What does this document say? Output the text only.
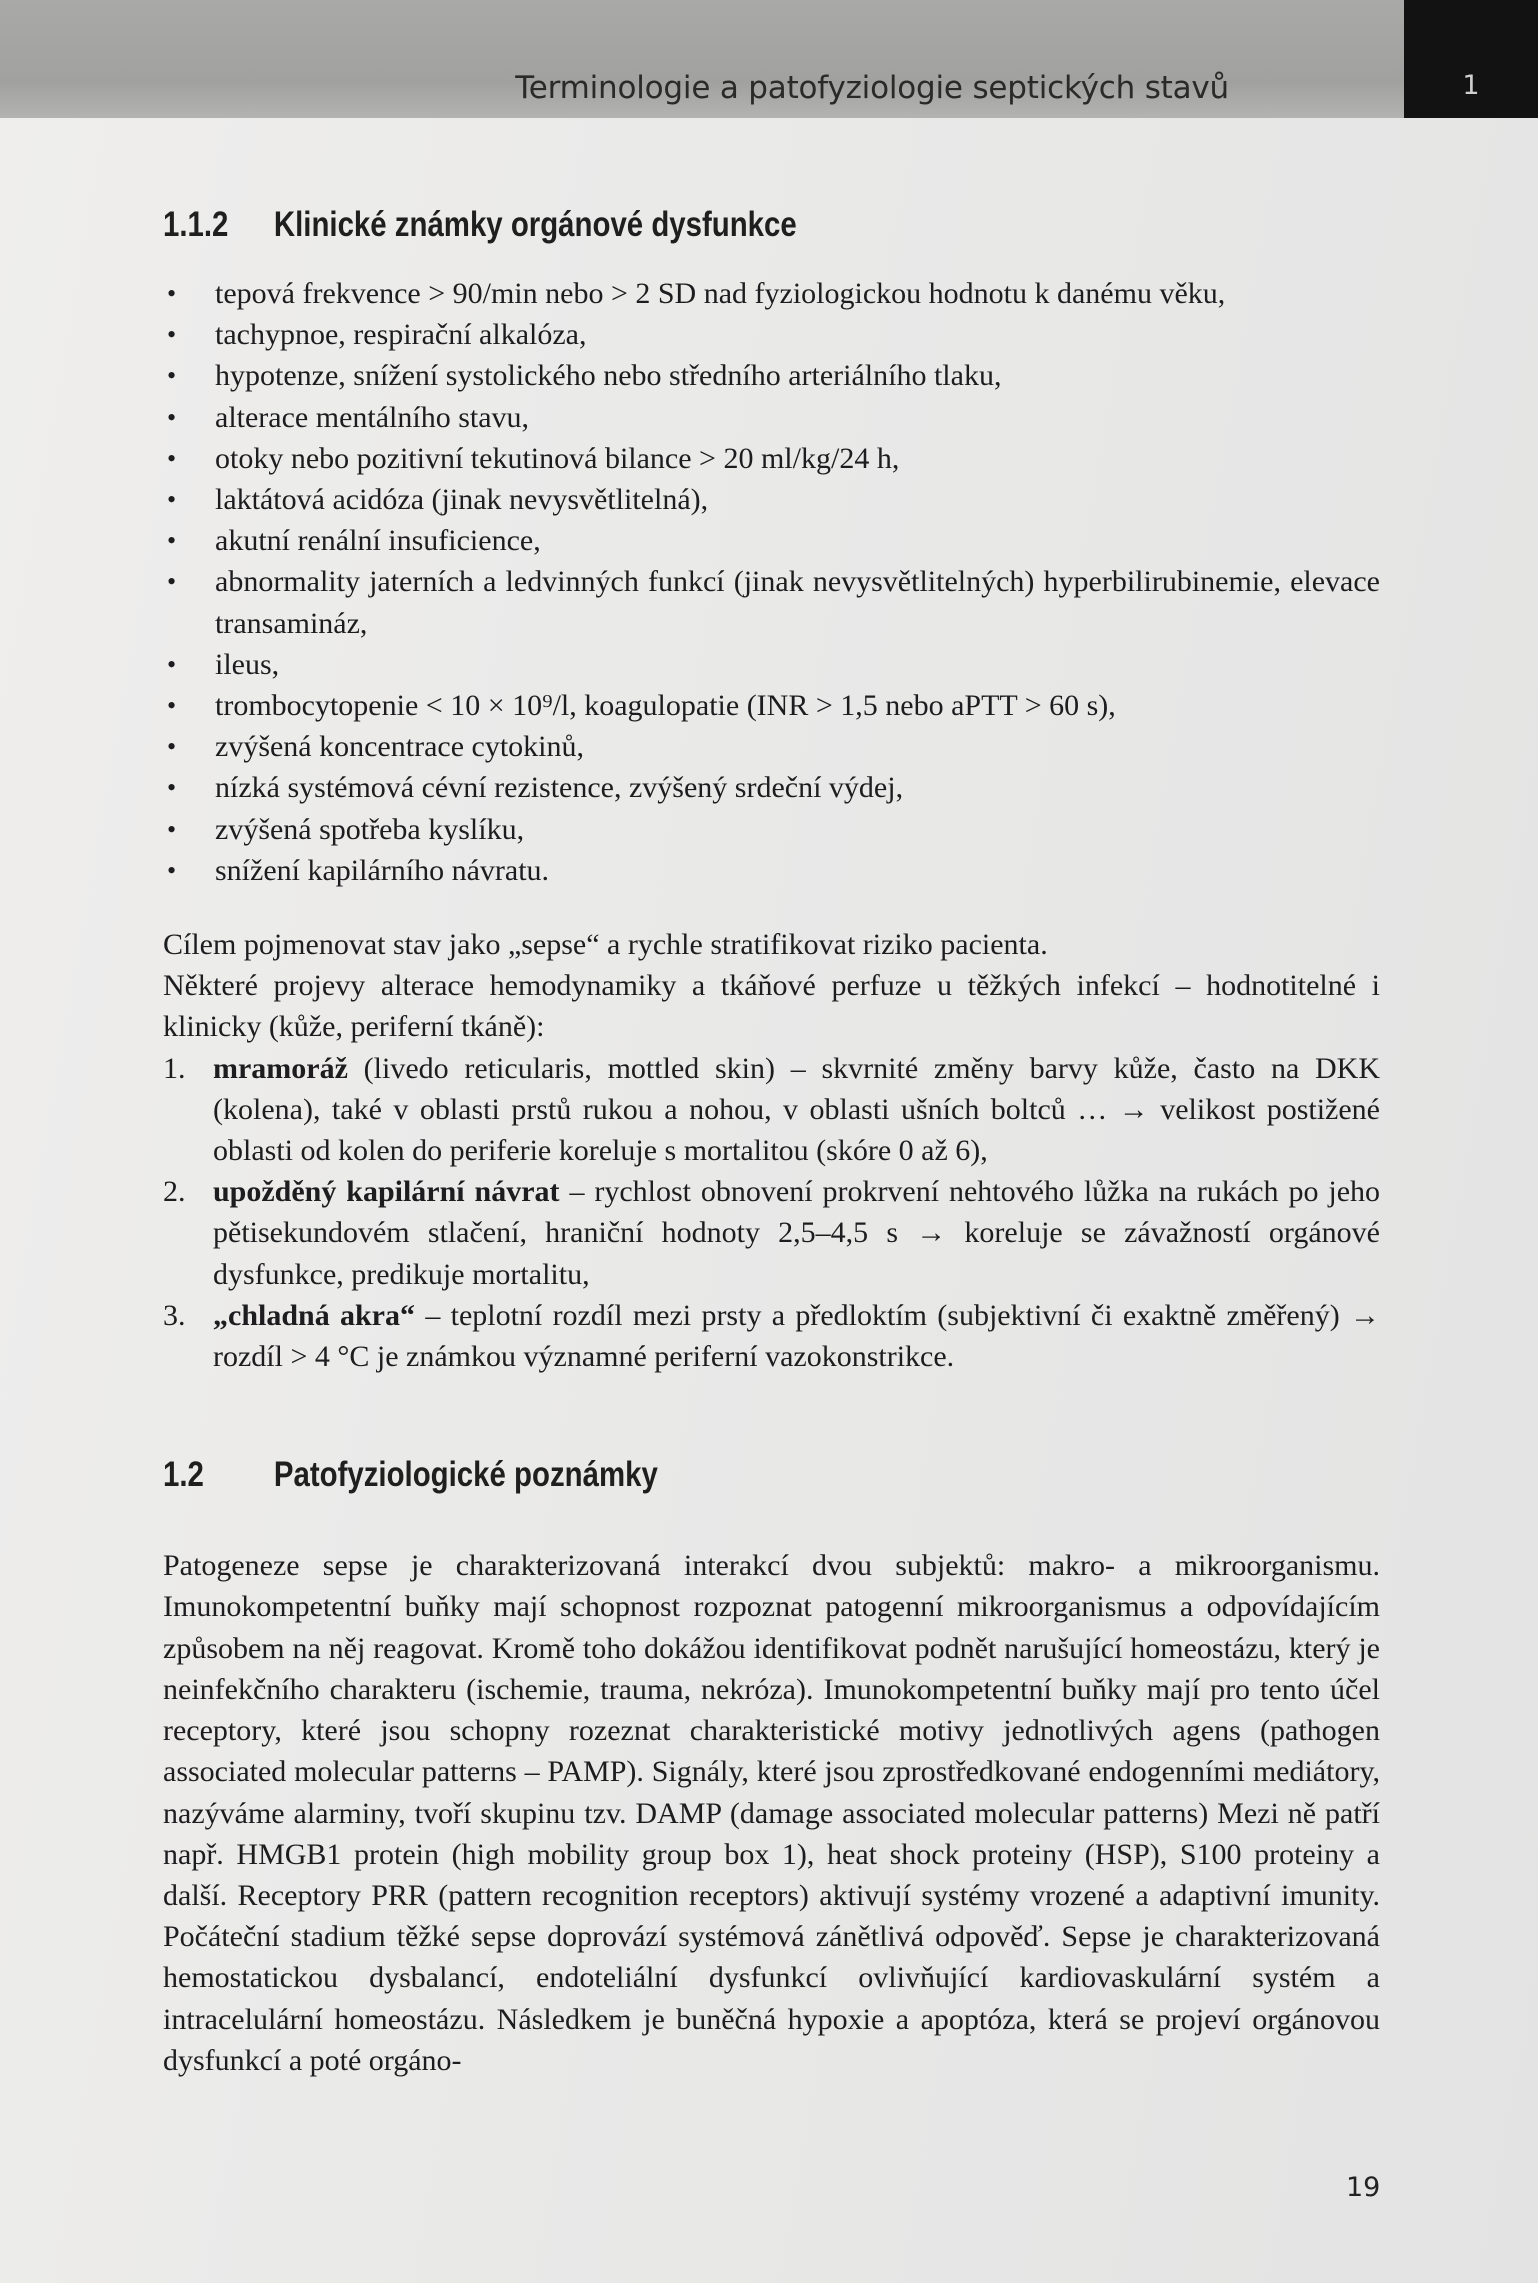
Terminologie a patofyziologie septických stavů	1
1.1.2 Klinické známky orgánové dysfunkce
• tepová frekvence > 90/min nebo > 2 SD nad fyziologickou hodnotu k danému věku,
• tachypnoe, respirační alkalóza,
• hypotenze, snížení systolického nebo středního arteriálního tlaku,
• alterace mentálního stavu,
• otoky nebo pozitivní tekutinová bilance > 20 ml/kg/24 h,
• laktátová acidóza (jinak nevysvětlitelná),
• akutní renální insuficience,
• abnormality jaterních a ledvinných funkcí (jinak nevysvětlitelných) hyperbilirubinemie, elevace transamináz,
• ileus,
• trombocytopenie < 10 × 10⁹/l, koagulopatie (INR > 1,5 nebo aPTT > 60 s),
• zvýšená koncentrace cytokinů,
• nízká systémová cévní rezistence, zvýšený srdeční výdej,
• zvýšená spotřeba kyslíku,
• snížení kapilárního návratu.

Cílem pojmenovat stav jako „sepse“ a rychle stratifikovat riziko pacienta.

Některé projevy alterace hemodynamiky a tkáňové perfuze u těžkých infekcí – hodnotitelné i klinicky (kůže, periferní tkáně):

1. mramoráž (livedo reticularis, mottled skin) – skvrnité změny barvy kůže, často na DKK (kolena), také v oblasti prstů rukou a nohou, v oblasti ušních boltců … → velikost postižené oblasti od kolen do periferie koreluje s mortalitou (skóre 0 až 6),
2. upožděný kapilární návrat – rychlost obnovení prokrvení nehtového lůžka na rukách po jeho pětisekundovém stlačení, hraniční hodnoty 2,5–4,5 s → koreluje se závažností orgánové dysfunkce, predikuje mortalitu,
3. „chladná akra“ – teplotní rozdíl mezi prsty a předloktím (subjektivní či exaktně změřený) → rozdíl > 4 °C je známkou významné periferní vazokonstrikce.
1.2 Patofyziologické poznámky

Patogeneze sepse je charakterizovaná interakcí dvou subjektů: makro- a mikroorganismu. Imunokompetentní buňky mají schopnost rozpoznat patogenní mikroorganismus a odpovídajícím způsobem na něj reagovat. Kromě toho dokážou identifikovat podnět narušující homeostázu, který je neinfekčního charakteru (ischemie, trauma, nekróza). Imunokompetentní buňky mají pro tento účel receptory, které jsou schopny rozeznat charakteristické motivy jednotlivých agens (pathogen associated molecular patterns – PAMP). Signály, které jsou zprostředkované endogenními mediátory, nazýváme alarminy, tvoří skupinu tzv. DAMP (damage associated molecular patterns) Mezi ně patří např. HMGB1 protein (high mobility group box 1), heat shock proteiny (HSP), S100 proteiny a další. Receptory PRR (pattern recognition receptors) aktivují systémy vrozené a adaptivní imunity. Počáteční stadium těžké sepse doprovází systémová zánětlivá odpověď. Sepse je charakterizovaná hemostatickou dysbalancí, endoteliální dysfunkcí ovlivňující kardiovaskulární systém a intracelulární homeostázu. Následkem je buněčná hypoxie a apoptóza, která se projeví orgánovou dysfunkcí a poté orgáno-

19
